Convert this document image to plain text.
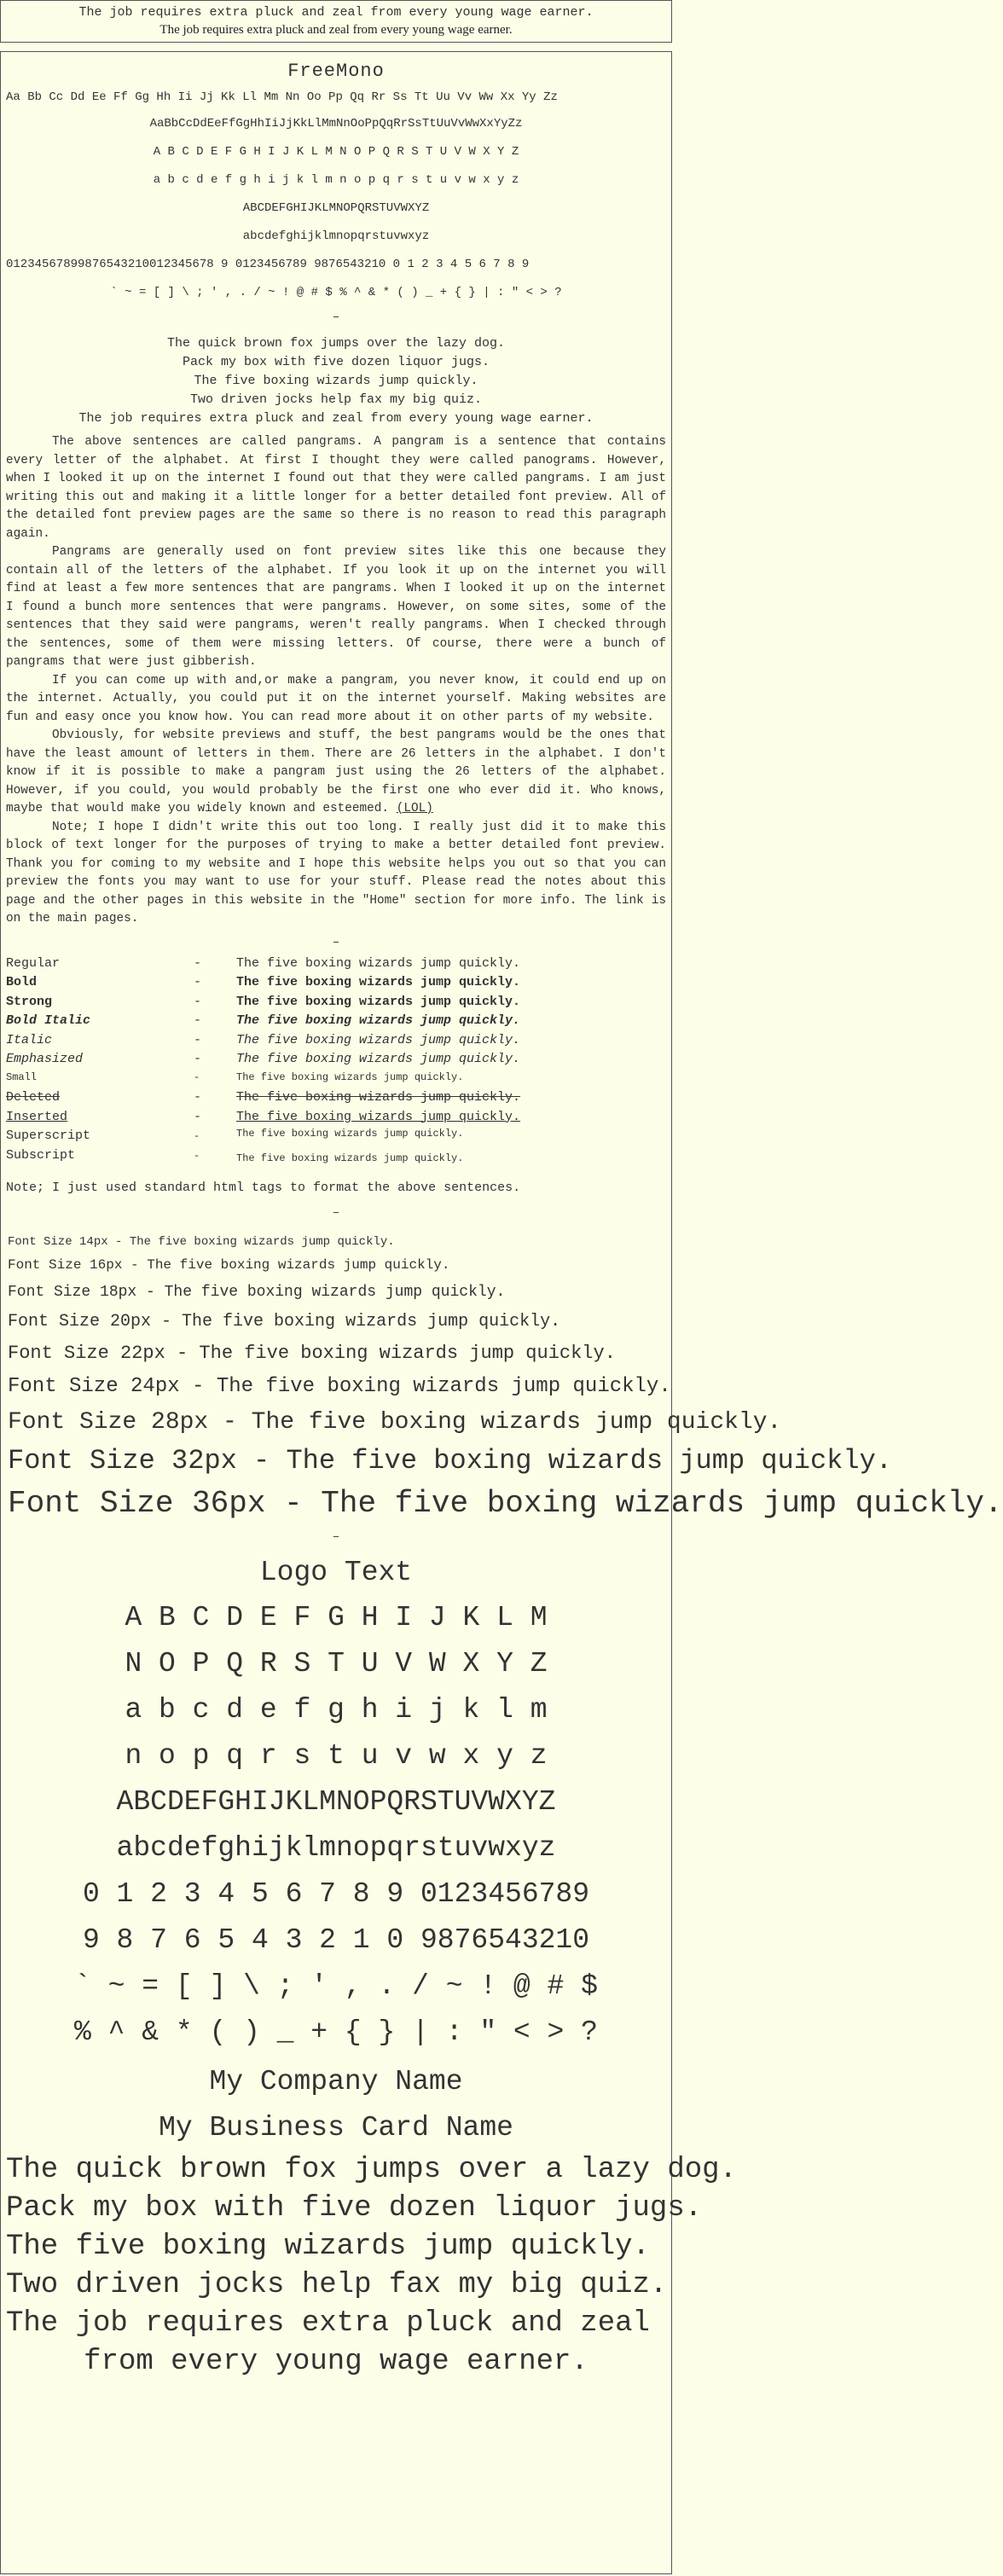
The job requires extra pluck and zeal from every young wage earner.
The job requires extra pluck and zeal from every young wage earner.
FreeMono
Aa Bb Cc Dd Ee Ff Gg Hh Ii Jj Kk Ll Mm Nn Oo Pp Qq Rr Ss Tt Uu Vv Ww Xx Yy Zz
AaBbCcDdEeFfGgHhIiJjKkLlMmNnOoPpQqRrSsTtUuVvWwXxYyZz
A B C D E F G H I J K L M N O P Q R S T U V W X Y Z
a b c d e f g h i j k l m n o p q r s t u v w x y z
ABCDEFGHIJKLMNOPQRSTUVWXYZ
abcdefghijklmnopqrstuvwxyz
01234567899876543210012345678 9 0123456789 9876543210 0 1 2 3 4 5 6 7 8 9
` ~ = [ ] \ ; ' , . / ~ ! @ # $ % ^ & * ( ) _ + { } | : " < > ?
–
The quick brown fox jumps over the lazy dog.
Pack my box with five dozen liquor jugs.
The five boxing wizards jump quickly.
Two driven jocks help fax my big quiz.
The job requires extra pluck and zeal from every young wage earner.

The above sentences are called pangrams. A pangram is a sentence that contains every letter of the alphabet. At first I thought they were called panograms. However, when I looked it up on the internet I found out that they were called pangrams. I am just writing this out and making it a little longer for a better detailed font preview. All of the detailed font preview pages are the same so there is no reason to read this paragraph again.

Pangrams are generally used on font preview sites like this one because they contain all of the letters of the alphabet. If you look it up on the internet you will find at least a few more sentences that are pangrams. When I looked it up on the internet I found a bunch more sentences that were pangrams. However, on some sites, some of the sentences that they said were pangrams, weren't really pangrams. When I checked through the sentences, some of them were missing letters. Of course, there were a bunch of pangrams that were just gibberish.

If you can come up with and,or make a pangram, you never know, it could end up on the internet. Actually, you could put it on the internet yourself. Making websites are fun and easy once you know how. You can read more about it on other parts of my website.

Obviously, for website previews and stuff, the best pangrams would be the ones that have the least amount of letters in them. There are 26 letters in the alphabet. I don't know if it is possible to make a pangram just using the 26 letters of the alphabet. However, if you could, you would probably be the first one who ever did it. Who knows, maybe that would make you widely known and esteemed. (LOL)

Note; I hope I didn't write this out too long. I really just did it to make this block of text longer for the purposes of trying to make a better detailed font preview. Thank you for coming to my website and I hope this website helps you out so that you can preview the fonts you may want to use for your stuff. Please read the notes about this page and the other pages in this website in the "Home" section for more info. The link is on the main pages.

–
Regular	-	The five boxing wizards jump quickly.
Bold	-	The five boxing wizards jump quickly.
Strong	-	The five boxing wizards jump quickly.
Bold Italic	-	The five boxing wizards jump quickly.
Italic	-	The five boxing wizards jump quickly.
Emphasized	-	The five boxing wizards jump quickly.
Small	-	The five boxing wizards jump quickly.
Deleted	-	The five boxing wizards jump quickly.
Inserted	-	The five boxing wizards jump quickly.
Superscript	-	The five boxing wizards jump quickly.
Subscript	-	The five boxing wizards jump quickly.
Note; I just used standard html tags to format the above sentences.
–
Font Size 14px - The five boxing wizards jump quickly.
Font Size 16px - The five boxing wizards jump quickly.
Font Size 18px - The five boxing wizards jump quickly.
Font Size 20px - The five boxing wizards jump quickly.
Font Size 22px - The five boxing wizards jump quickly.
Font Size 24px - The five boxing wizards jump quickly.
Font Size 28px - The five boxing wizards jump quickly.
Font Size 32px - The five boxing wizards jump quickly.
Font Size 36px - The five boxing wizards jump quickly.
–
Logo Text
A B C D E F G H I J K L M
N O P Q R S T U V W X Y Z
a b c d e f g h i j k l m
n o p q r s t u v w x y z
ABCDEFGHIJKLMNOPQRSTUVWXYZ
abcdefghijklmnopqrstuvwxyz
0 1 2 3 4 5 6 7 8 9 0123456789
9 8 7 6 5 4 3 2 1 0 9876543210
` ~ = [ ] \ ; ' , . / ~ ! @ # $
% ^ & * ( ) _ + { } | : " < > ?
My Company Name
My Business Card Name
The quick brown fox jumps over a lazy dog.
Pack my box with five dozen liquor jugs.
The five boxing wizards jump quickly.
Two driven jocks help fax my big quiz.
The job requires extra pluck and zeal
from every young wage earner.
